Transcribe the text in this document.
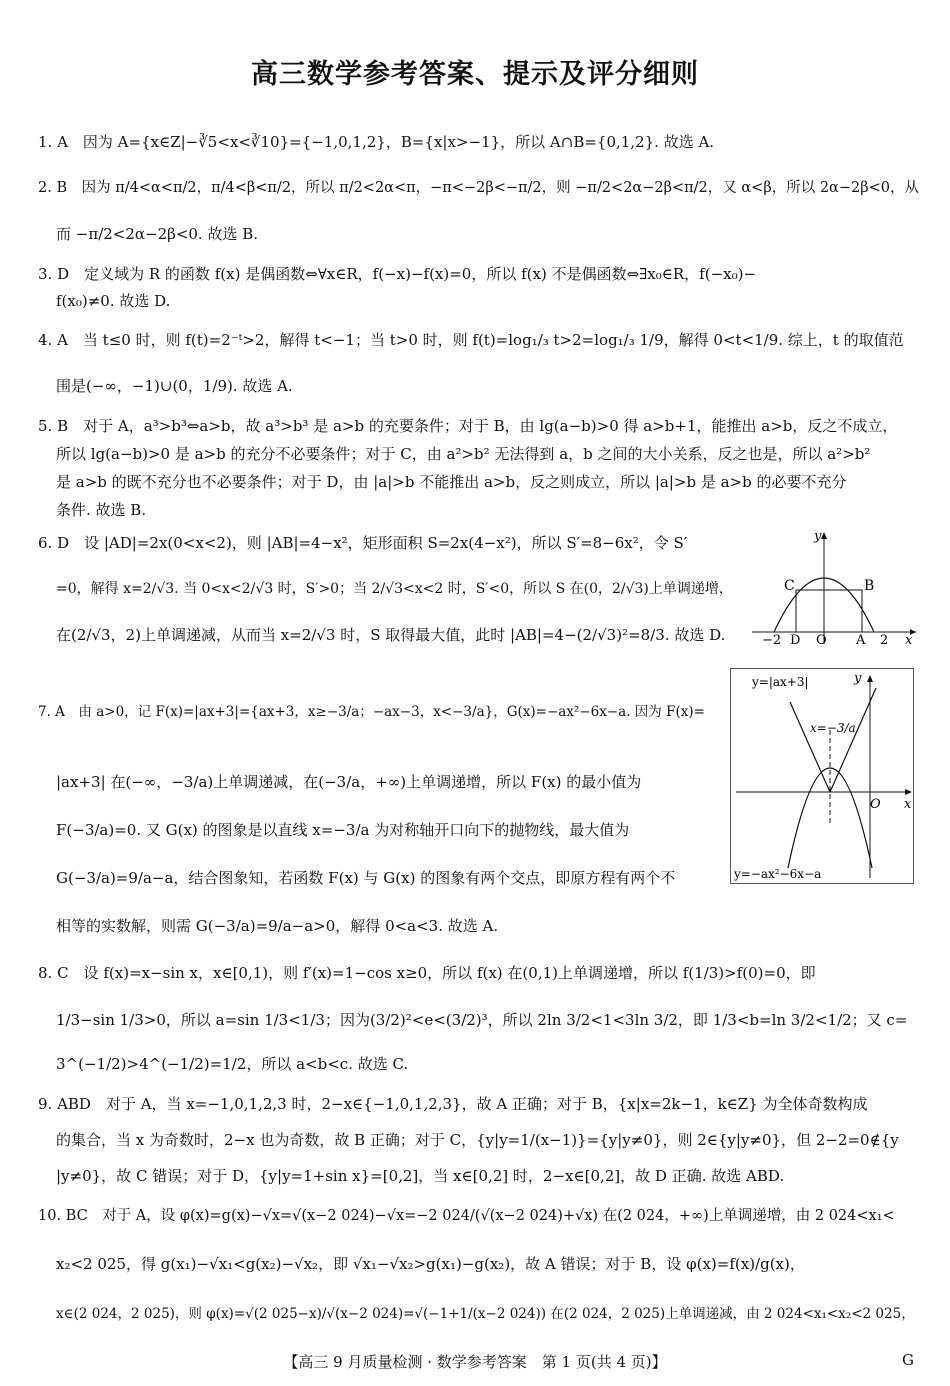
高三数学参考答案、提示及评分细则
1. A　因为 A={x∈Z|−∛5<x<∛10}={−1,0,1,2}，B={x|x>−1}，所以 A∩B={0,1,2}. 故选 A.
2. B　因为 π/4<α<π/2，π/4<β<π/2，所以 π/2<2α<π，−π<−2β<−π/2，则 −π/2<2α−2β<π/2，又 α<β，所以 2α−2β<0，从
而 −π/2<2α−2β<0. 故选 B.
3. D　定义域为 R 的函数 f(x) 是偶函数⇔∀x∈R，f(−x)−f(x)=0，所以 f(x) 不是偶函数⇔∃x₀∈R，f(−x₀)−
f(x₀)≠0. 故选 D.
4. A　当 t≤0 时，则 f(t)=2⁻ᵗ>2，解得 t<−1；当 t>0 时，则 f(t)=log₁/₃ t>2=log₁/₃ 1/9，解得 0<t<1/9. 综上，t 的取值范
围是(−∞，−1)∪(0，1/9). 故选 A.
5. B　对于 A，a³>b³⇔a>b，故 a³>b³ 是 a>b 的充要条件；对于 B，由 lg(a−b)>0 得 a>b+1，能推出 a>b，反之不成立，
所以 lg(a−b)>0 是 a>b 的充分不必要条件；对于 C，由 a²>b² 无法得到 a，b 之间的大小关系，反之也是，所以 a²>b²
是 a>b 的既不充分也不必要条件；对于 D，由 |a|>b 不能推出 a>b，反之则成立，所以 |a|>b 是 a>b 的必要不充分
条件. 故选 B.
6. D　设 |AD|=2x(0<x<2)，则 |AB|=4−x²，矩形面积 S=2x(4−x²)，所以 S′=8−6x²，令 S′
=0，解得 x=2/√3. 当 0<x<2/√3 时，S′>0；当 2/√3<x<2 时，S′<0，所以 S 在(0，2/√3)上单调递增，
在(2/√3，2)上单调递减，从而当 x=2/√3 时，S 取得最大值，此时 |AB|=4−(2/√3)²=8/3. 故选 D.
7. A　由 a>0，记 F(x)=|ax+3|={ax+3，x≥−3/a；−ax−3，x<−3/a}，G(x)=−ax²−6x−a. 因为 F(x)=
|ax+3| 在(−∞，−3/a)上单调递减，在(−3/a，+∞)上单调递增，所以 F(x) 的最小值为
F(−3/a)=0. 又 G(x) 的图象是以直线 x=−3/a 为对称轴开口向下的抛物线，最大值为
G(−3/a)=9/a−a，结合图象知，若函数 F(x) 与 G(x) 的图象有两个交点，即原方程有两个不
相等的实数解，则需 G(−3/a)=9/a−a>0，解得 0<a<3. 故选 A.
8. C　设 f(x)=x−sin x，x∈[0,1)，则 f′(x)=1−cos x≥0，所以 f(x) 在(0,1)上单调递增，所以 f(1/3)>f(0)=0，即
1/3−sin 1/3>0，所以 a=sin 1/3<1/3；因为(3/2)²<e<(3/2)³，所以 2ln 3/2<1<3ln 3/2，即 1/3<b=ln 3/2<1/2；又 c=
3^(−1/2)>4^(−1/2)=1/2，所以 a<b<c. 故选 C.
9. ABD　对于 A，当 x=−1,0,1,2,3 时，2−x∈{−1,0,1,2,3}，故 A 正确；对于 B，{x|x=2k−1，k∈Z} 为全体奇数构成
的集合，当 x 为奇数时，2−x 也为奇数，故 B 正确；对于 C，{y|y=1/(x−1)}={y|y≠0}，则 2∈{y|y≠0}，但 2−2=0∉{y
|y≠0}，故 C 错误；对于 D，{y|y=1+sin x}=[0,2]，当 x∈[0,2] 时，2−x∈[0,2]，故 D 正确. 故选 ABD.
10. BC　对于 A，设 φ(x)=g(x)−√x=√(x−2 024)−√x=−2 024/(√(x−2 024)+√x) 在(2 024，+∞)上单调递增，由 2 024<x₁<
x₂<2 025，得 g(x₁)−√x₁<g(x₂)−√x₂，即 √x₁−√x₂>g(x₁)−g(x₂)，故 A 错误；对于 B，设 φ(x)=f(x)/g(x)，
x∈(2 024，2 025)，则 φ(x)=√(2 025−x)/√(x−2 024)=√(−1+1/(x−2 024)) 在(2 024，2 025)上单调递减，由 2 024<x₁<x₂<2 025，
y
C	B
−2 D O A 2 x
y=|ax+3|
x=−3/a
y=−ax²−6x−a
y
x
O
【高三 9 月质量检测 · 数学参考答案　第 1 页(共 4 页)】	G
